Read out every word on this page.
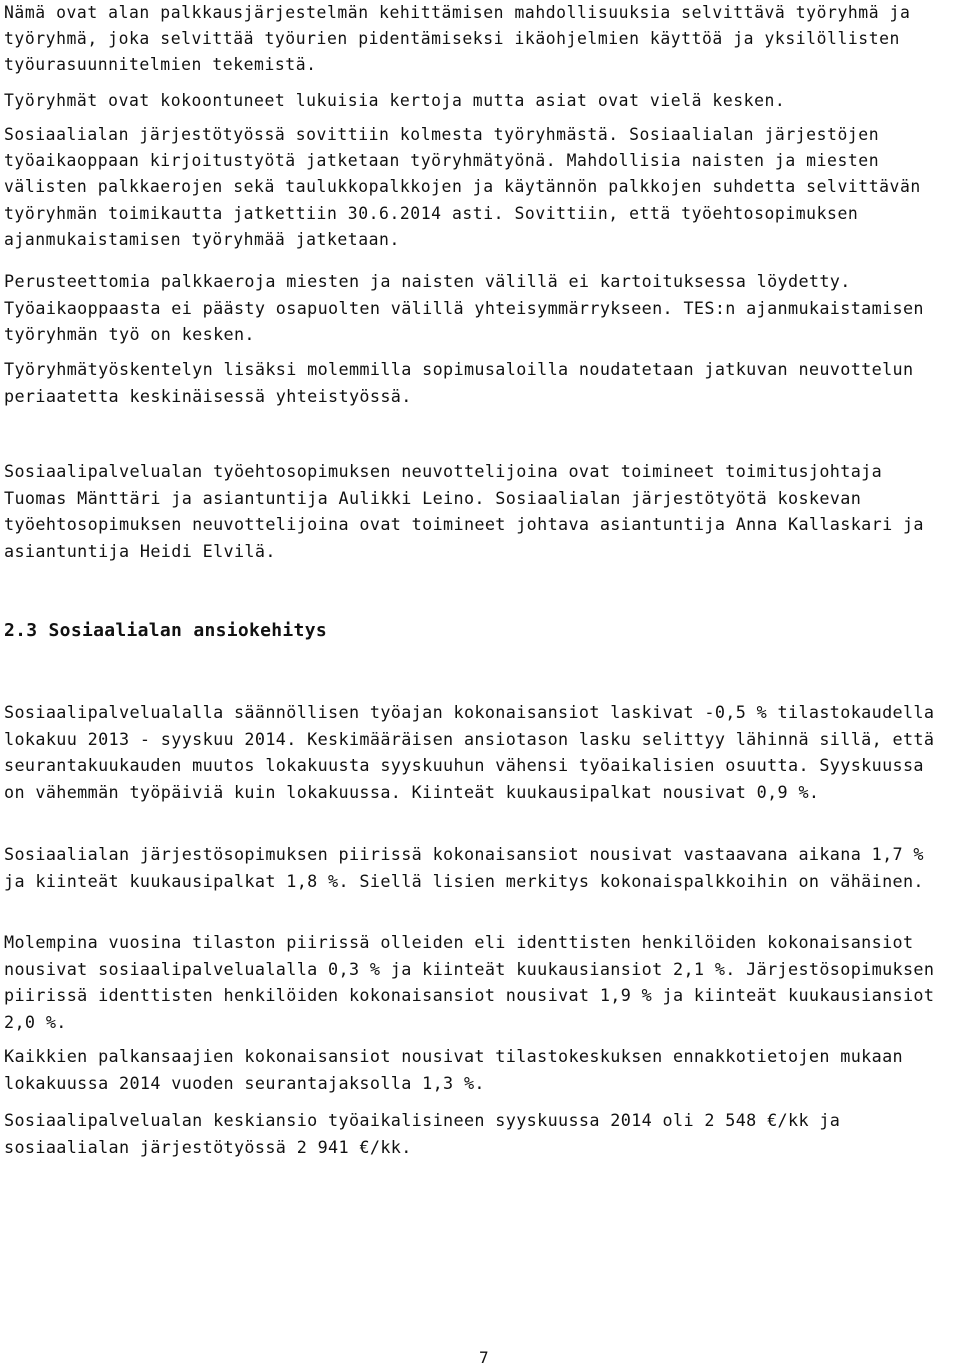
Nämä ovat alan palkkausjärjestelmän kehittämisen mahdollisuuksia selvittävä työryhmä ja työryhmä, joka selvittää työurien pidentämiseksi ikäohjelmien käyttöä ja yksilöllisten työurasuunnitelmien tekemistä.

Työryhmät ovat kokoontuneet lukuisia kertoja mutta asiat ovat vielä kesken.

Sosiaalialan järjestötyössä sovittiin kolmesta työryhmästä. Sosiaalialan järjestöjen työaikaoppaan kirjoitustyötä jatketaan työryhmätyönä. Mahdollisia naisten ja miesten välisten palkkaerojen sekä taulukkopalkkojen ja käytännön palkkojen suhdetta selvittävän työryhmän toimikautta jatkettiin 30.6.2014 asti. Sovittiin, että työehtosopimuksen ajanmukaistamisen työryhmää jatketaan.

Perusteettomia palkkaeroja miesten ja naisten välillä ei kartoituksessa löydetty. Työaikaoppaasta ei päästy osapuolten välillä yhteisymmärrykseen. TES:n ajanmukaistamisen työryhmän työ on kesken.

Työryhmätyöskentelyn lisäksi molemmilla sopimusaloilla noudatetaan jatkuvan neuvottelun periaatetta keskinäisessä yhteistyössä.

Sosiaalipalvelualan työehtosopimuksen neuvottelijoina ovat toimineet toimitusjohtaja Tuomas Mänttäri ja asiantuntija Aulikki Leino. Sosiaalialan järjestötyötä koskevan työehtosopimuksen neuvottelijoina ovat toimineet johtava asiantuntija Anna Kallaskari ja asiantuntija Heidi Elvilä.

2.3 Sosiaalialan ansiokehitys

Sosiaalipalvelualalla säännöllisen työajan kokonaisansiot laskivat -0,5 % tilastokaudella lokakuu 2013 - syyskuu 2014. Keskimääräisen ansiotason lasku selittyy lähinnä sillä, että seurantakuukauden muutos lokakuusta syyskuuhun vähensi työaikalisien osuutta. Syyskuussa on vähemmän työpäiviä kuin lokakuussa. Kiinteät kuukausipalkat nousivat 0,9 %.

Sosiaalialan järjestösopimuksen piirissä kokonaisansiot nousivat vastaavana aikana 1,7 % ja kiinteät kuukausipalkat 1,8 %. Siellä lisien merkitys kokonaispalkkoihin on vähäinen.

Molempina vuosina tilaston piirissä olleiden eli identtisten henkilöiden kokonaisansiot nousivat sosiaalipalvelualalla 0,3 % ja kiinteät kuukausiansiot 2,1 %. Järjestösopimuksen piirissä identtisten henkilöiden kokonaisansiot nousivat 1,9 % ja kiinteät kuukausiansiot 2,0 %.

Kaikkien palkansaajien kokonaisansiot nousivat tilastokeskuksen ennakkotietojen mukaan lokakuussa 2014 vuoden seurantajaksolla 1,3 %.

Sosiaalipalvelualan keskiansio työaikalisineen syyskuussa 2014 oli 2 548 €/kk ja sosiaalialan järjestötyössä 2 941 €/kk.

7
